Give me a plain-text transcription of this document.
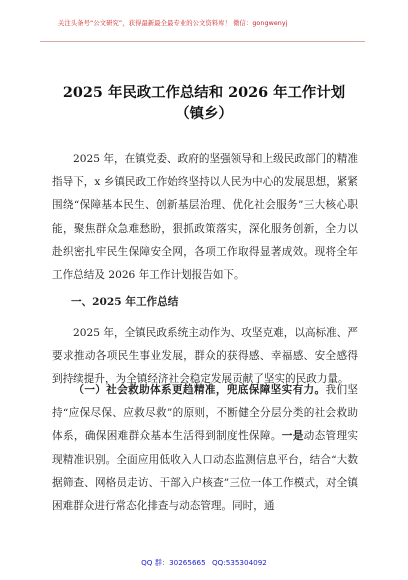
关注头条号“公文研究”，获得最新最全最专业的公文资料库！ 微信：gongwenyj
2025 年民政工作总结和 2026 年工作计划
（镇乡）

2025 年，在镇党委、政府的坚强领导和上级民政部门的精准指导下，x 乡镇民政工作始终坚持以人民为中心的发展思想，紧紧围绕“保障基本民生、创新基层治理、优化社会服务”三大核心职能，聚焦群众急难愁盼，狠抓政策落实，深化服务创新，全力以赴织密扎牢民生保障安全网，各项工作取得显著成效。现将全年工作总结及 2026 年工作计划报告如下。

一、2025 年工作总结

2025 年，全镇民政系统主动作为、攻坚克难，以高标准、严要求推动各项民生事业发展，群众的获得感、幸福感、安全感得到持续提升，为全镇经济社会稳定发展贡献了坚实的民政力量。

（一）社会救助体系更趋精准，兜底保障坚实有力。我们坚持“应保尽保、应救尽救”的原则，不断健全分层分类的社会救助体系，确保困难群众基本生活得到制度性保障。一是动态管理实现精准识别。全面应用低收入人口动态监测信息平台，结合“大数据筛查、网格员走访、干部入户核查”三位一体工作模式，对全镇困难群众进行常态化排查与动态管理。同时，通

QQ 群：30265665 QQ:535304092
